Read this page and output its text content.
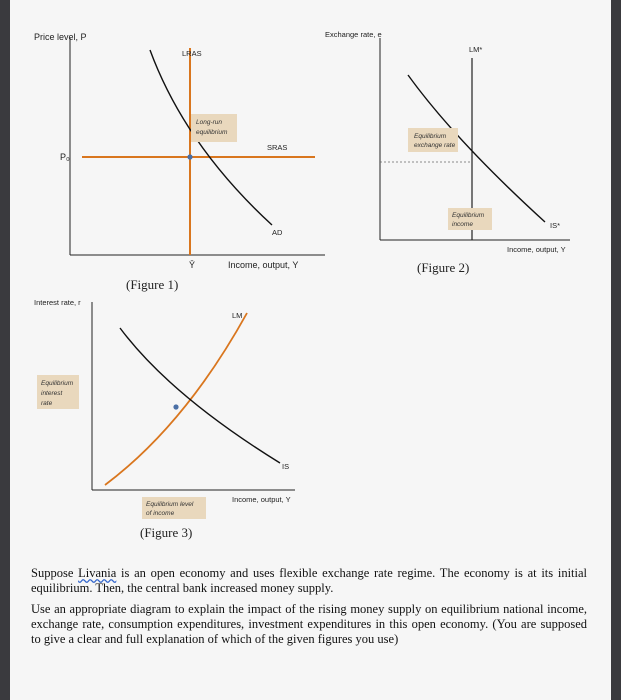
Price level, P
Income, output, Y
LRAS
SRAS
AD
P₀
Ȳ
Long-run
equilibrium
(Figure 1)
Exchange rate, e
Income, output, Y
LM*
IS*
Equilibrium
exchange rate
Equilibrium
income
(Figure 2)
Interest rate, r
Income, output, Y
LM
IS
Equilibrium
interest
rate
Equilibrium level
of income
(Figure 3)

Suppose Livania is an open economy and uses flexible exchange rate regime. The economy is at its initial equilibrium. Then, the central bank increased money supply.

Use an appropriate diagram to explain the impact of the rising money supply on equilibrium national income, exchange rate, consumption expenditures, investment expenditures in this open economy. (You are supposed to give a clear and full explanation of which of the given figures you use)
